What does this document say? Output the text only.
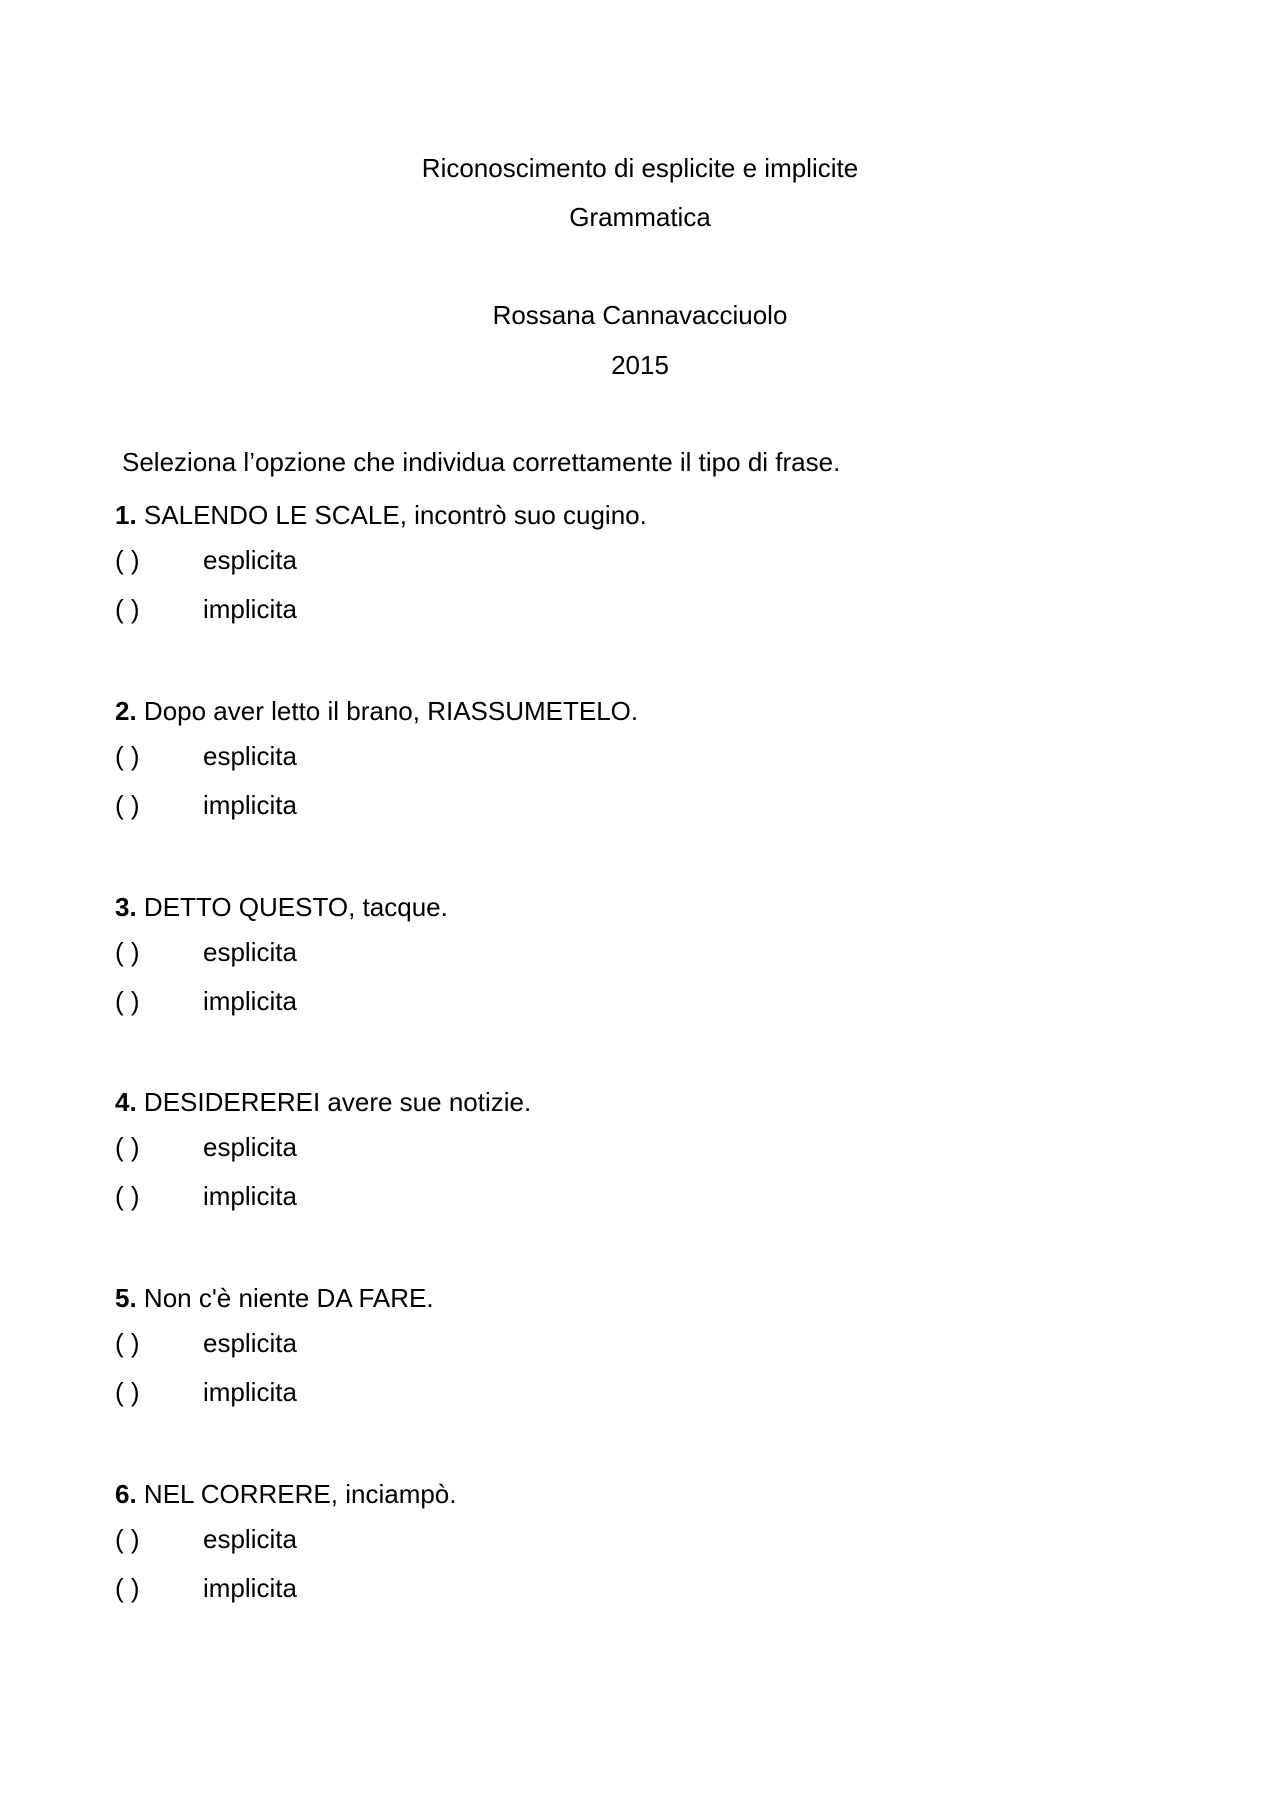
Riconoscimento di esplicite e implicite
Grammatica
Rossana Cannavacciuolo
2015
Seleziona l’opzione che individua correttamente il tipo di frase.
1. SALENDO LE SCALE, incontrò suo cugino.
( ) esplicita
( ) implicita
2. Dopo aver letto il brano, RIASSUMETELO.
( ) esplicita
( ) implicita
3. DETTO QUESTO, tacque.
( ) esplicita
( ) implicita
4. DESIDEREREI avere sue notizie.
( ) esplicita
( ) implicita
5. Non c'è niente DA FARE.
( ) esplicita
( ) implicita
6. NEL CORRERE, inciampò.
( ) esplicita
( ) implicita
